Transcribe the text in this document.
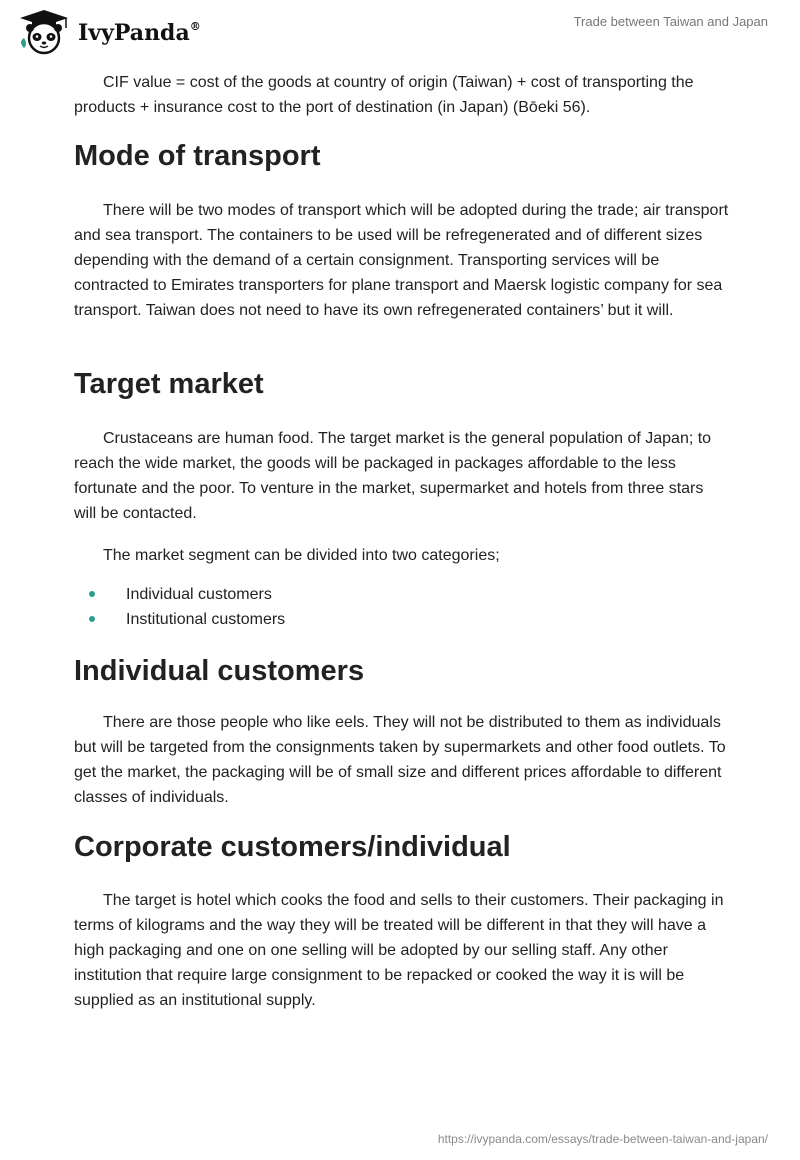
IvyPanda®	Trade between Taiwan and Japan

CIF value = cost of the goods at country of origin (Taiwan) + cost of transporting the products + insurance cost to the port of destination (in Japan) (Bōeki 56).

Mode of transport

There will be two modes of transport which will be adopted during the trade; air transport and sea transport. The containers to be used will be refregenerated and of different sizes depending with the demand of a certain consignment. Transporting services will be contracted to Emirates transporters for plane transport and Maersk logistic company for sea transport. Taiwan does not need to have its own refregenerated containers’ but it will.

Target market

Crustaceans are human food. The target market is the general population of Japan; to reach the wide market, the goods will be packaged in packages affordable to the less fortunate and the poor. To venture in the market, supermarket and hotels from three stars will be contacted.

The market segment can be divided into two categories;

Individual customers
Institutional customers
Individual customers

There are those people who like eels. They will not be distributed to them as individuals but will be targeted from the consignments taken by supermarkets and other food outlets. To get the market, the packaging will be of small size and different prices affordable to different classes of individuals.

Corporate customers/individual

The target is hotel which cooks the food and sells to their customers. Their packaging in terms of kilograms and the way they will be treated will be different in that they will have a high packaging and one on one selling will be adopted by our selling staff. Any other institution that require large consignment to be repacked or cooked the way it is will be supplied as an institutional supply.

https://ivypanda.com/essays/trade-between-taiwan-and-japan/
